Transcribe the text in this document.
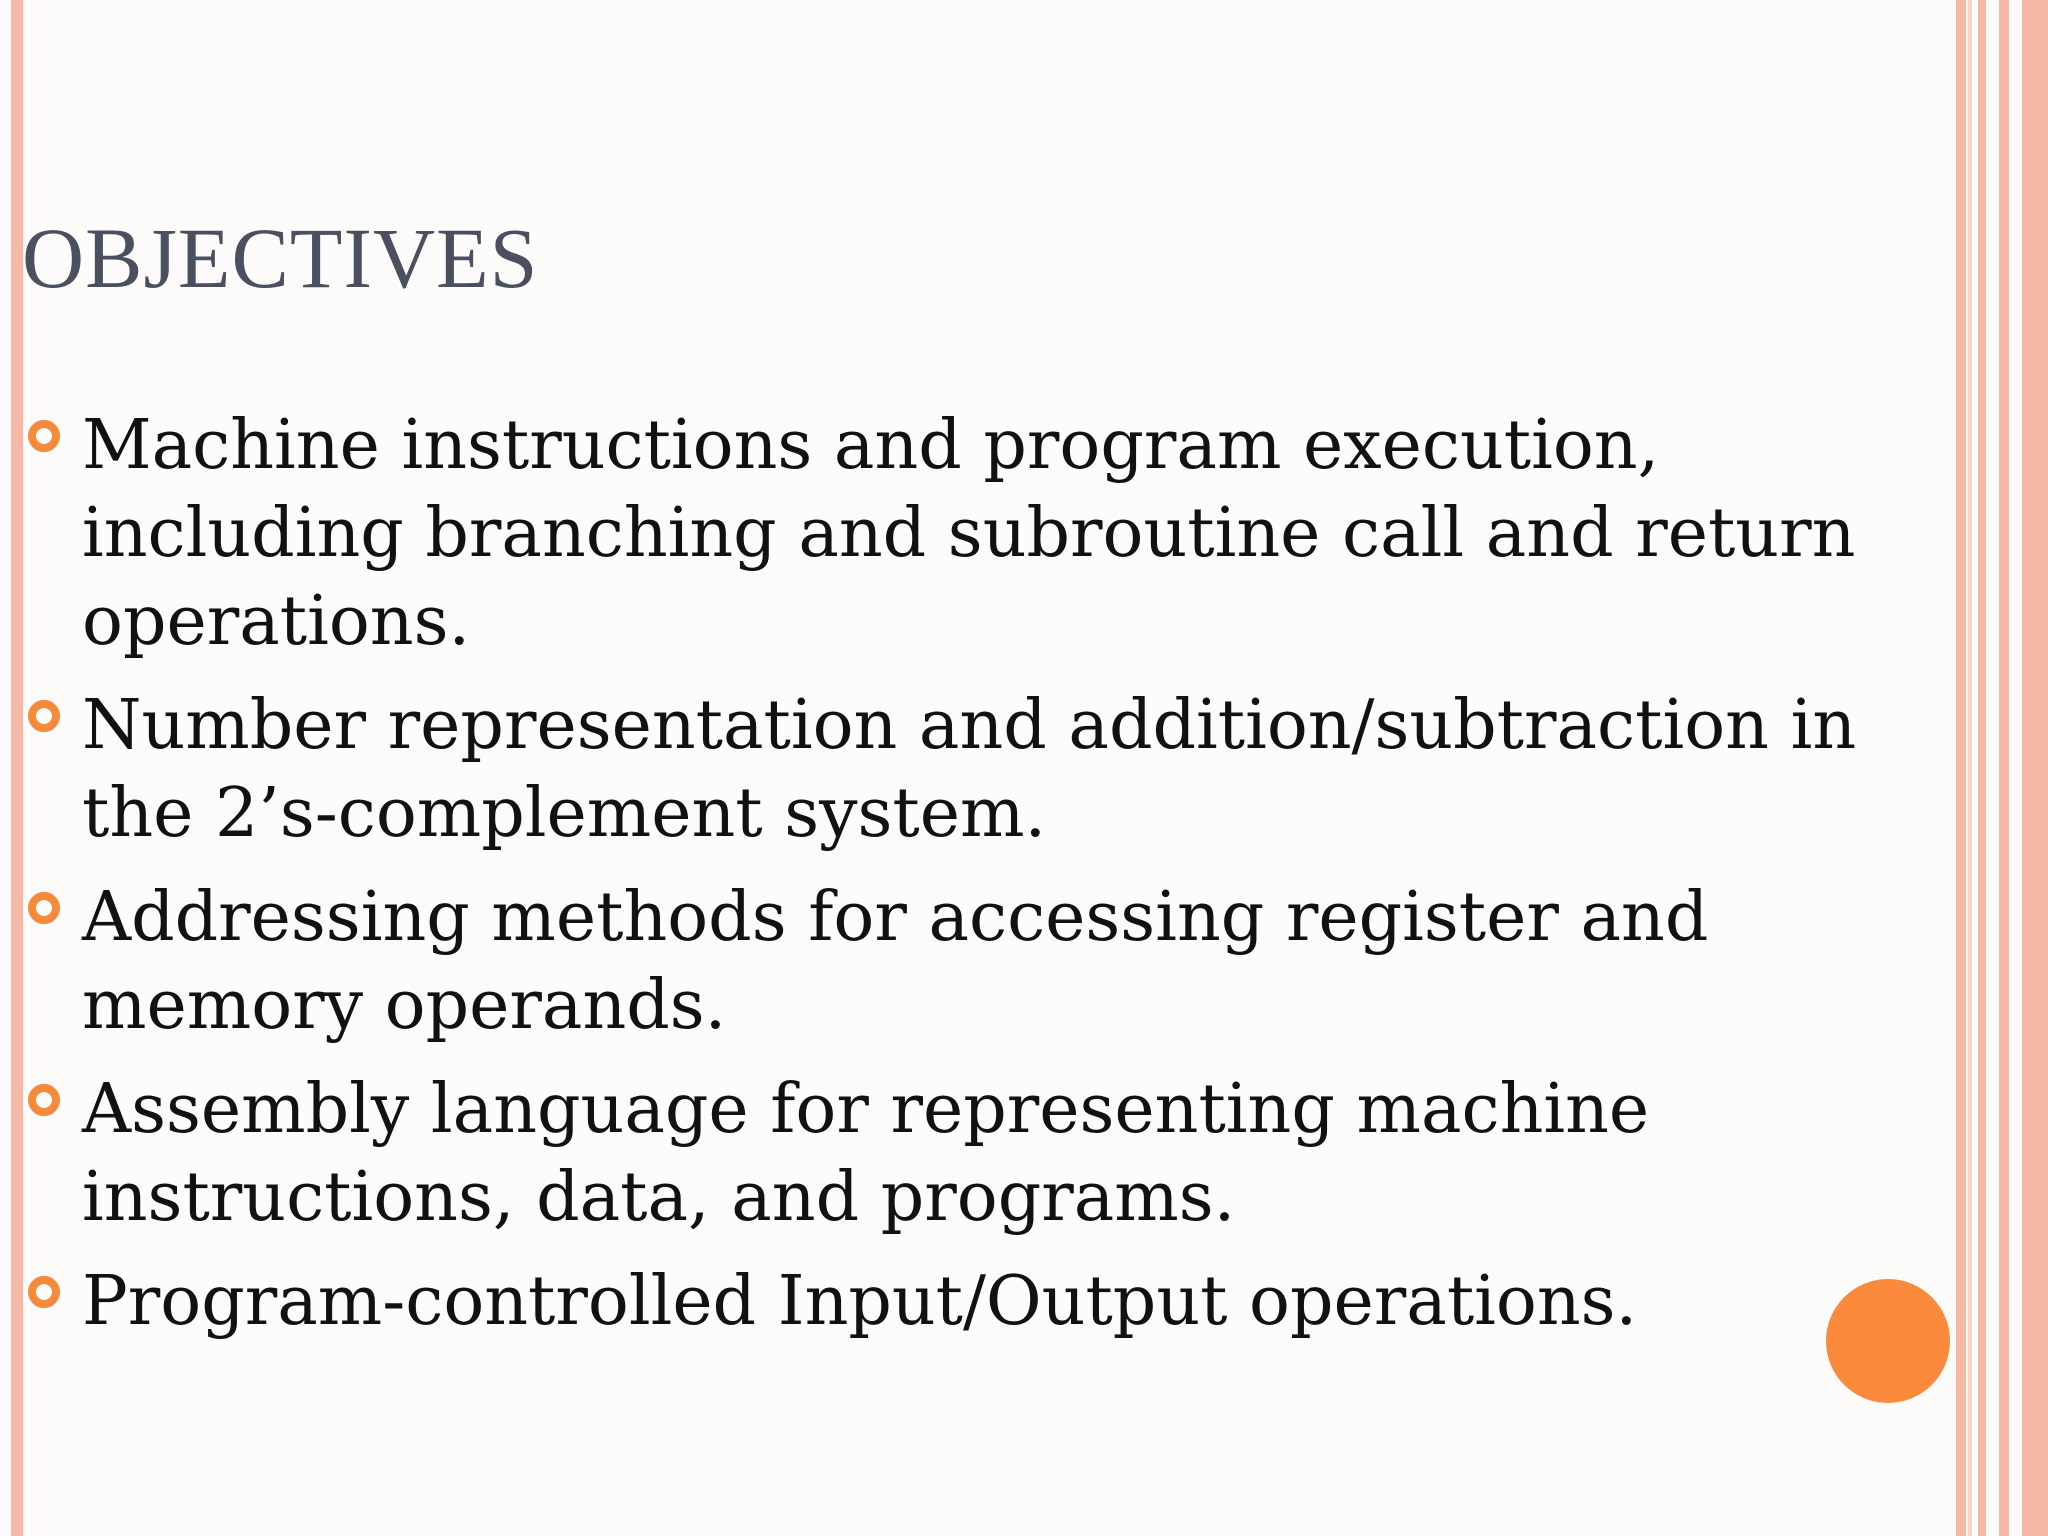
OBJECTIVES
Machine instructions and program execution, including branching and subroutine call and return operations.
Number representation and addition/subtraction in the 2’s-complement system.
Addressing methods for accessing register and memory operands.
Assembly language for representing machine instructions, data, and programs.
Program-controlled Input/Output operations.
